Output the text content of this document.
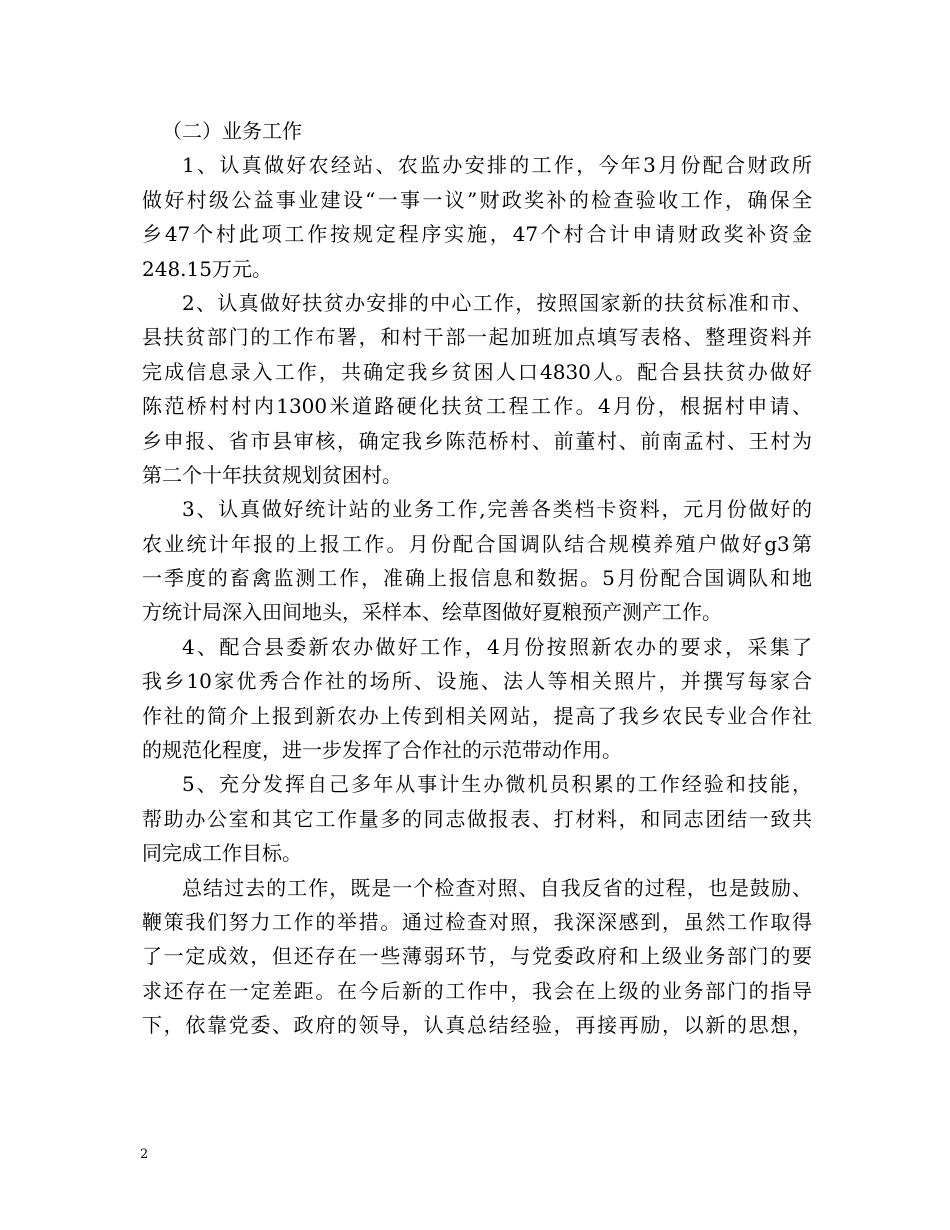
（二）业务工作
1、认真做好农经站、农监办安排的工作，今年3月份配合财政所
做好村级公益事业建设“一事一议”财政奖补的检查验收工作，确保全
乡47个村此项工作按规定程序实施，47个村合计申请财政奖补资金
248.15万元。
2、认真做好扶贫办安排的中心工作，按照国家新的扶贫标准和市、
县扶贫部门的工作布署，和村干部一起加班加点填写表格、整理资料并
完成信息录入工作，共确定我乡贫困人口4830人。配合县扶贫办做好
陈范桥村村内1300米道路硬化扶贫工程工作。4月份，根据村申请、
乡申报、省市县审核，确定我乡陈范桥村、前董村、前南孟村、王村为
第二个十年扶贫规划贫困村。
3、认真做好统计站的业务工作,完善各类档卡资料，元月份做好的
农业统计年报的上报工作。月份配合国调队结合规模养殖户做好g3第
一季度的畜禽监测工作，准确上报信息和数据。5月份配合国调队和地
方统计局深入田间地头，采样本、绘草图做好夏粮预产测产工作。
4、配合县委新农办做好工作，4月份按照新农办的要求，采集了
我乡10家优秀合作社的场所、设施、法人等相关照片，并撰写每家合
作社的简介上报到新农办上传到相关网站，提高了我乡农民专业合作社
的规范化程度，进一步发挥了合作社的示范带动作用。
5、充分发挥自己多年从事计生办微机员积累的工作经验和技能，
帮助办公室和其它工作量多的同志做报表、打材料，和同志团结一致共
同完成工作目标。
总结过去的工作，既是一个检查对照、自我反省的过程，也是鼓励、
鞭策我们努力工作的举措。通过检查对照，我深深感到，虽然工作取得
了一定成效，但还存在一些薄弱环节，与党委政府和上级业务部门的要
求还存在一定差距。在今后新的工作中，我会在上级的业务部门的指导
下，依靠党委、政府的领导，认真总结经验，再接再励，以新的思想，
2
